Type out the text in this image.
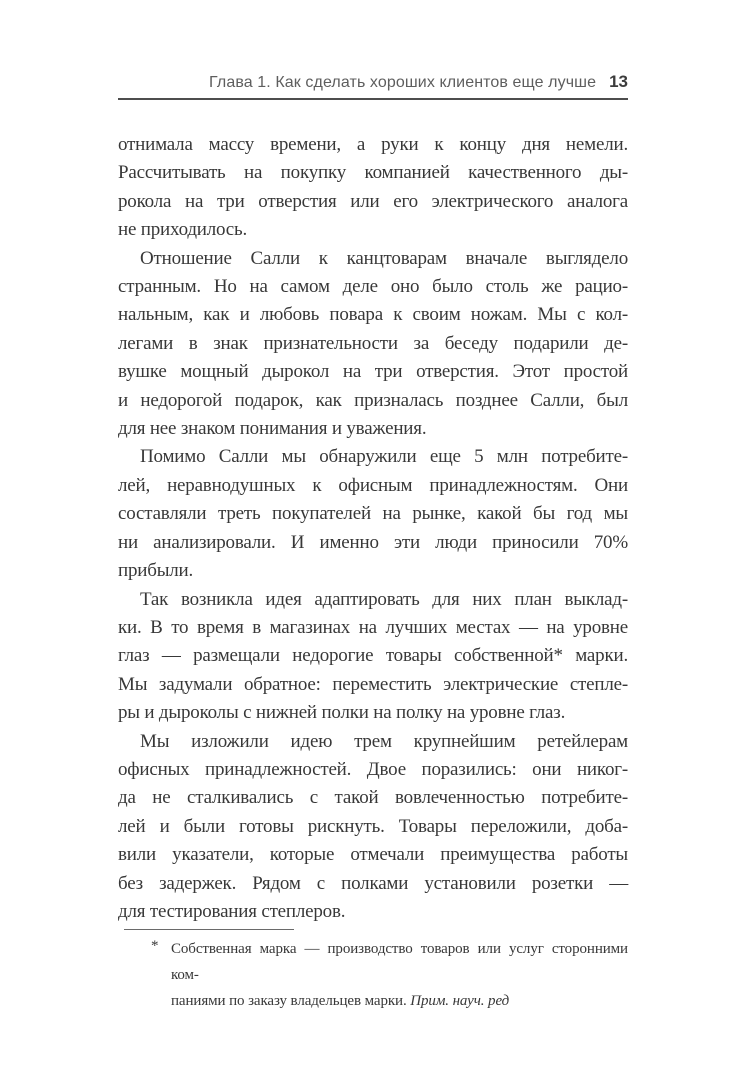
Глава 1. Как сделать хороших клиентов еще лучше 13
отнимала массу времени, а руки к концу дня немели.
Рассчитывать на покупку компанией качественного ды-
рокола на три отверстия или его электрического аналога
не приходилось.
Отношение Салли к канцтоварам вначале выглядело
странным. Но на самом деле оно было столь же рацио-
нальным, как и любовь повара к своим ножам. Мы с кол-
легами в знак признательности за беседу подарили де-
вушке мощный дырокол на три отверстия. Этот простой
и недорогой подарок, как призналась позднее Салли, был
для нее знаком понимания и уважения.
Помимо Салли мы обнаружили еще 5 млн потребите-
лей, неравнодушных к офисным принадлежностям. Они
составляли треть покупателей на рынке, какой бы год мы
ни анализировали. И именно эти люди приносили 70%
прибыли.
Так возникла идея адаптировать для них план выклад-
ки. В то время в магазинах на лучших местах — на уровне
глаз — размещали недорогие товары собственной* марки.
Мы задумали обратное: переместить электрические степле-
ры и дыроколы с нижней полки на полку на уровне глаз.
Мы изложили идею трем крупнейшим ретейлерам
офисных принадлежностей. Двое поразились: они никог-
да не сталкивались с такой вовлеченностью потребите-
лей и были готовы рискнуть. Товары переложили, доба-
вили указатели, которые отмечали преимущества работы
без задержек. Рядом с полками установили розетки —
для тестирования степлеров.
* Собственная марка — производство товаров или услуг сторонними ком-
паниями по заказу владельцев марки. Прим. науч. ред
